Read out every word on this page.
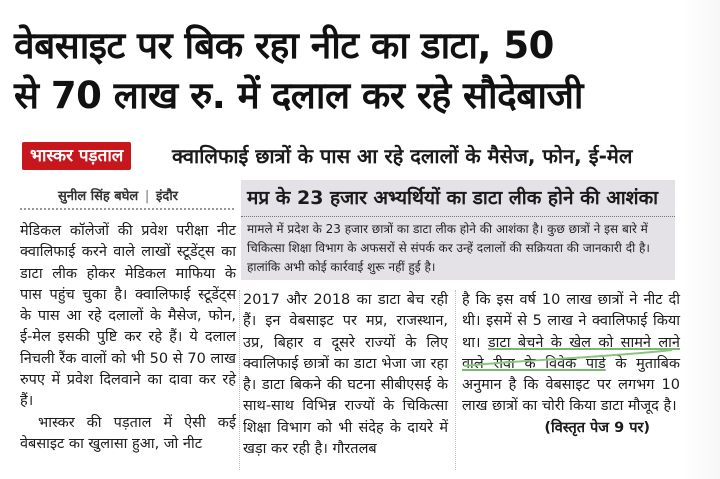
वेबसाइट पर बिक रहा नीट का डाटा, 50
से 70 लाख रु. में दलाल कर रहे सौदेबाजी
भास्कर पड़ताल	क्वालिफाई छात्रों के पास आ रहे दलालों के मैसेज, फोन, ई-मेल
सुनील सिंह बघेल | इंदौर	मप्र के 23 हजार अभ्यर्थियों का डाटा लीक होने की आशंका
मामले में प्रदेश के 23 हजार छात्रों का डाटा लीक होने की आशंका है। कुछ छात्रों ने इस बारे में चिकित्सा शिक्षा विभाग के अफसरों से संपर्क कर उन्हें दलालों की सक्रियता की जानकारी दी है। हालांकि अभी कोई कार्रवाई शुरू नहीं हुई है।

मेडिकल कॉलेजों की प्रवेश परीक्षा नीट क्वालिफाई करने वाले लाखों स्टूडेंट्स का डाटा लीक होकर मेडिकल माफिया के पास पहुंच चुका है। क्वालिफाई स्टूडेंट्स के पास आ रहे दलालों के मैसेज, फोन, ई-मेल इसकी पुष्टि कर रहे हैं। ये दलाल निचली रैंक वालों को भी 50 से 70 लाख रुपए में प्रवेश दिलवाने का दावा कर रहे हैं।

भास्कर की पड़ताल में ऐसी कई वेबसाइट का खुलासा हुआ, जो नीट

2017 और 2018 का डाटा बेच रही हैं। इन वेबसाइट पर मप्र, राजस्थान, उप्र, बिहार व दूसरे राज्यों के लिए क्वालिफाई छात्रों का डाटा भेजा जा रहा है। डाटा बिकने की घटना सीबीएसई के साथ-साथ विभिन्न राज्यों के चिकित्सा शिक्षा विभाग को भी संदेह के दायरे में खड़ा कर रही है। गौरतलब

है कि इस वर्ष 10 लाख छात्रों ने नीट दी थी। इसमें से 5 लाख ने क्वालिफाई किया था। डाटा बेचने के खेल को सामने लाने वाले रीवा के विवेक पांडे के मुताबिक अनुमान है कि वेबसाइट पर लगभग 10 लाख छात्रों का चोरी किया डाटा मौजूद है।

(विस्तृत पेज 9 पर)
